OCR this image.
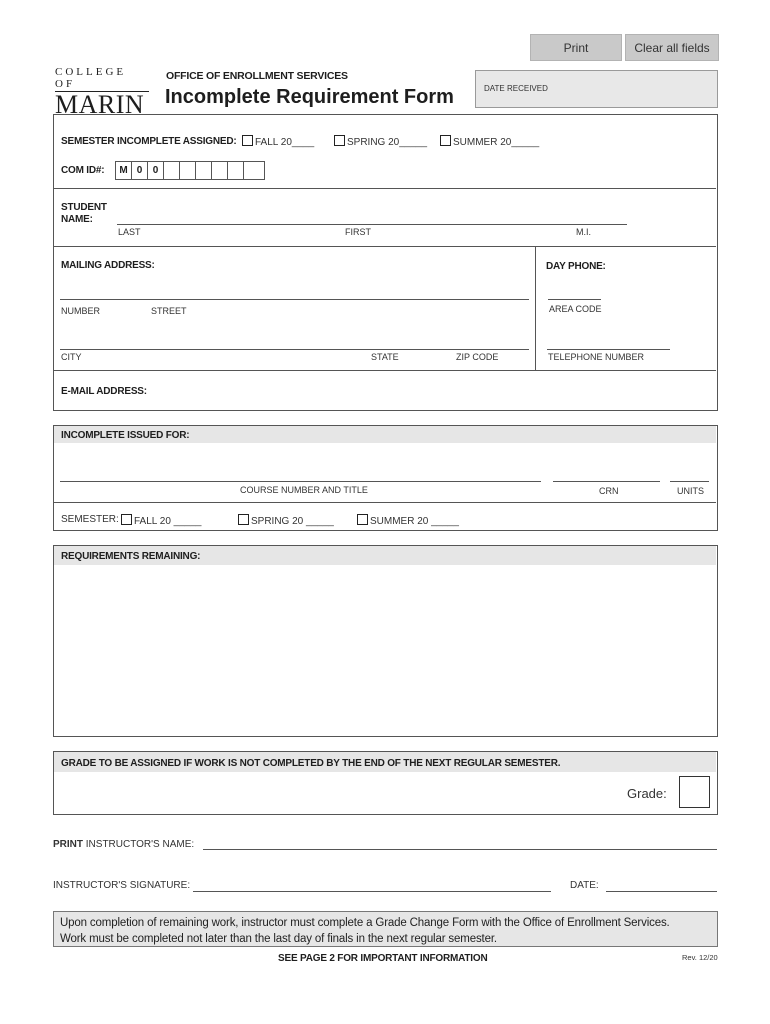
Print	Clear all fields
COLLEGE OF
MARIN
OFFICE OF ENROLLMENT SERVICES
Incomplete Requirement Form	DATE RECEIVED
SEMESTER INCOMPLETE ASSIGNED:	FALL 20____	SPRING 20_____	SUMMER 20_____
COM ID#:	M 0	0
STUDENT
NAME:
LAST	FIRST	M.I.
MAILING ADDRESS:
NUMBER	STREET
CITY	STATE	ZIP CODE
DAY PHONE:
AREA CODE
TELEPHONE NUMBER
E-MAIL ADDRESS:
INCOMPLETE ISSUED FOR:
COURSE NUMBER AND TITLE	CRN	UNITS
SEMESTER:	FALL 20 _____	SPRING 20 _____	SUMMER 20 _____
REQUIREMENTS REMAINING:
GRADE TO BE ASSIGNED IF WORK IS NOT COMPLETED BY THE END OF THE NEXT REGULAR SEMESTER.
Grade:
PRINT INSTRUCTOR'S NAME:
INSTRUCTOR'S SIGNATURE:	DATE:
Upon completion of remaining work, instructor must complete a Grade Change Form with the Office of Enrollment Services.
Work must be completed not later than the last day of finals in the next regular semester.
SEE PAGE 2 FOR IMPORTANT INFORMATION	Rev. 12/20
